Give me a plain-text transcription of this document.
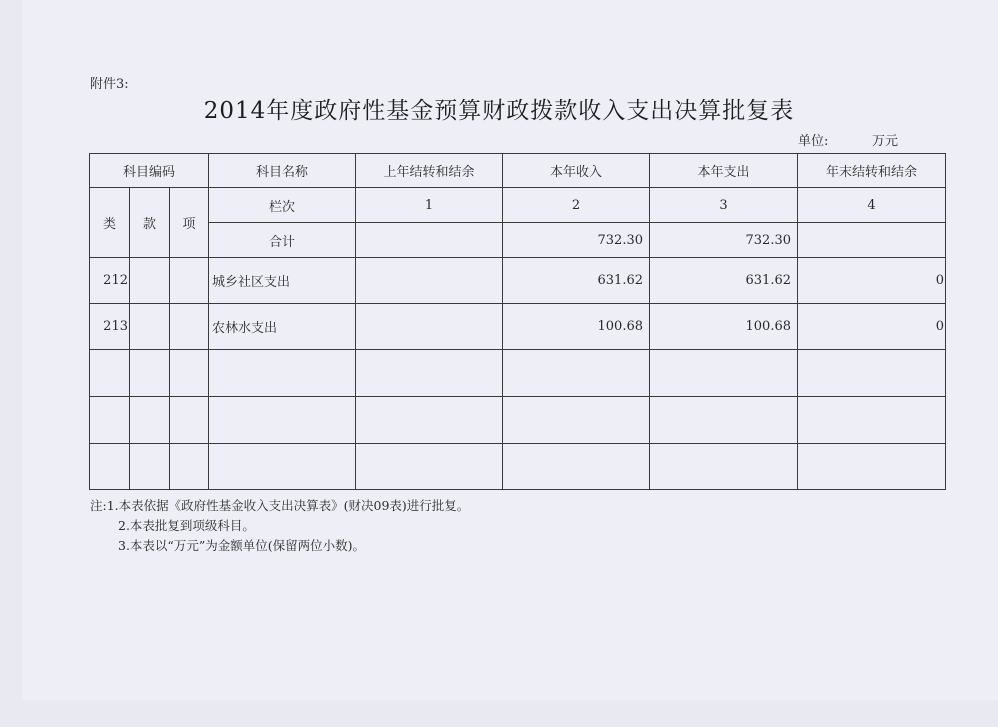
附件3:
2014年度政府性基金预算财政拨款收入支出决算批复表
单位:	万元
科目编码			科目名称	上年结转和结余	本年收入	本年支出	年末结转和结余
类	款	项	栏次	1	2	3	4
			合计		732.30	732.30	
212			城乡社区支出		631.62	631.62	0
213			农林水支出		100.68	100.68	0

注:1.本表依据《政府性基金收入支出决算表》(财决09表)进行批复。
2.本表批复到项级科目。
3.本表以“万元”为金额单位(保留两位小数)。
